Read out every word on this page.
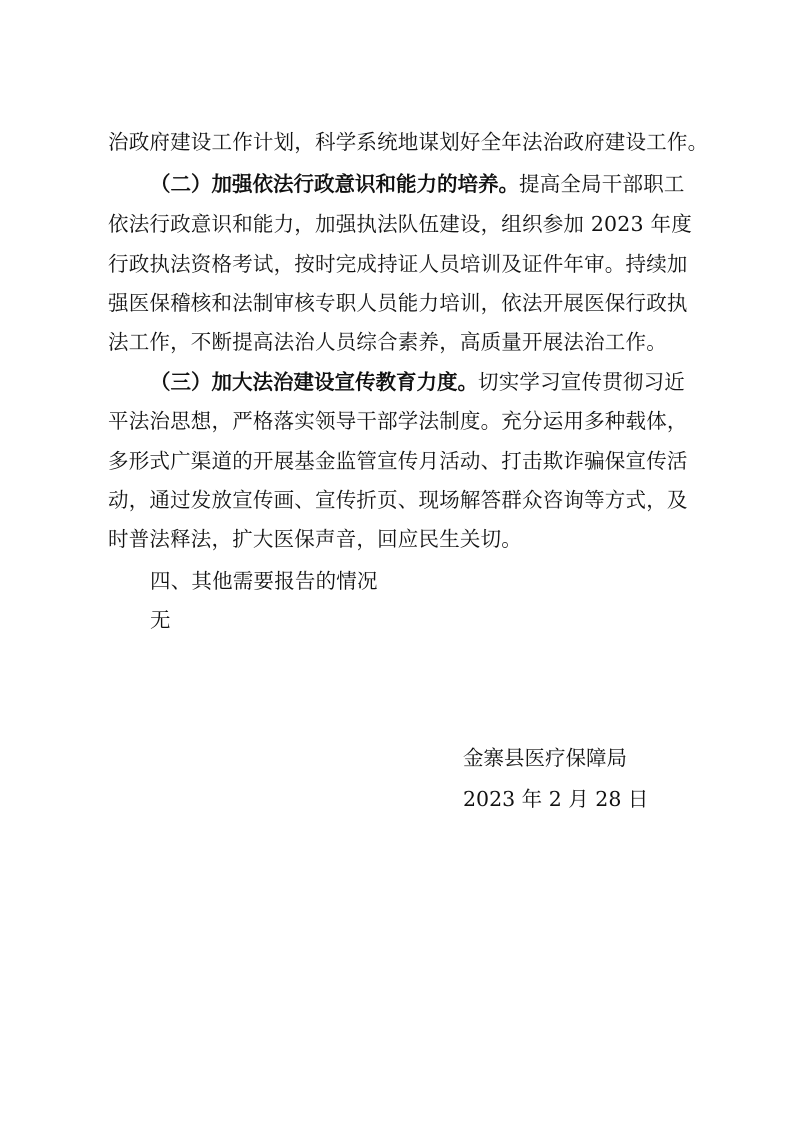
治政府建设工作计划，科学系统地谋划好全年法治政府建设工作。
（二）加强依法行政意识和能力的培养。提高全局干部职工
依法行政意识和能力，加强执法队伍建设，组织参加 2023 年度
行政执法资格考试，按时完成持证人员培训及证件年审。持续加
强医保稽核和法制审核专职人员能力培训，依法开展医保行政执
法工作，不断提高法治人员综合素养，高质量开展法治工作。
（三）加大法治建设宣传教育力度。切实学习宣传贯彻习近
平法治思想，严格落实领导干部学法制度。充分运用多种载体，
多形式广渠道的开展基金监管宣传月活动、打击欺诈骗保宣传活
动，通过发放宣传画、宣传折页、现场解答群众咨询等方式，及
时普法释法，扩大医保声音，回应民生关切。
四、其他需要报告的情况
无
金寨县医疗保障局
2023 年 2 月 28 日
